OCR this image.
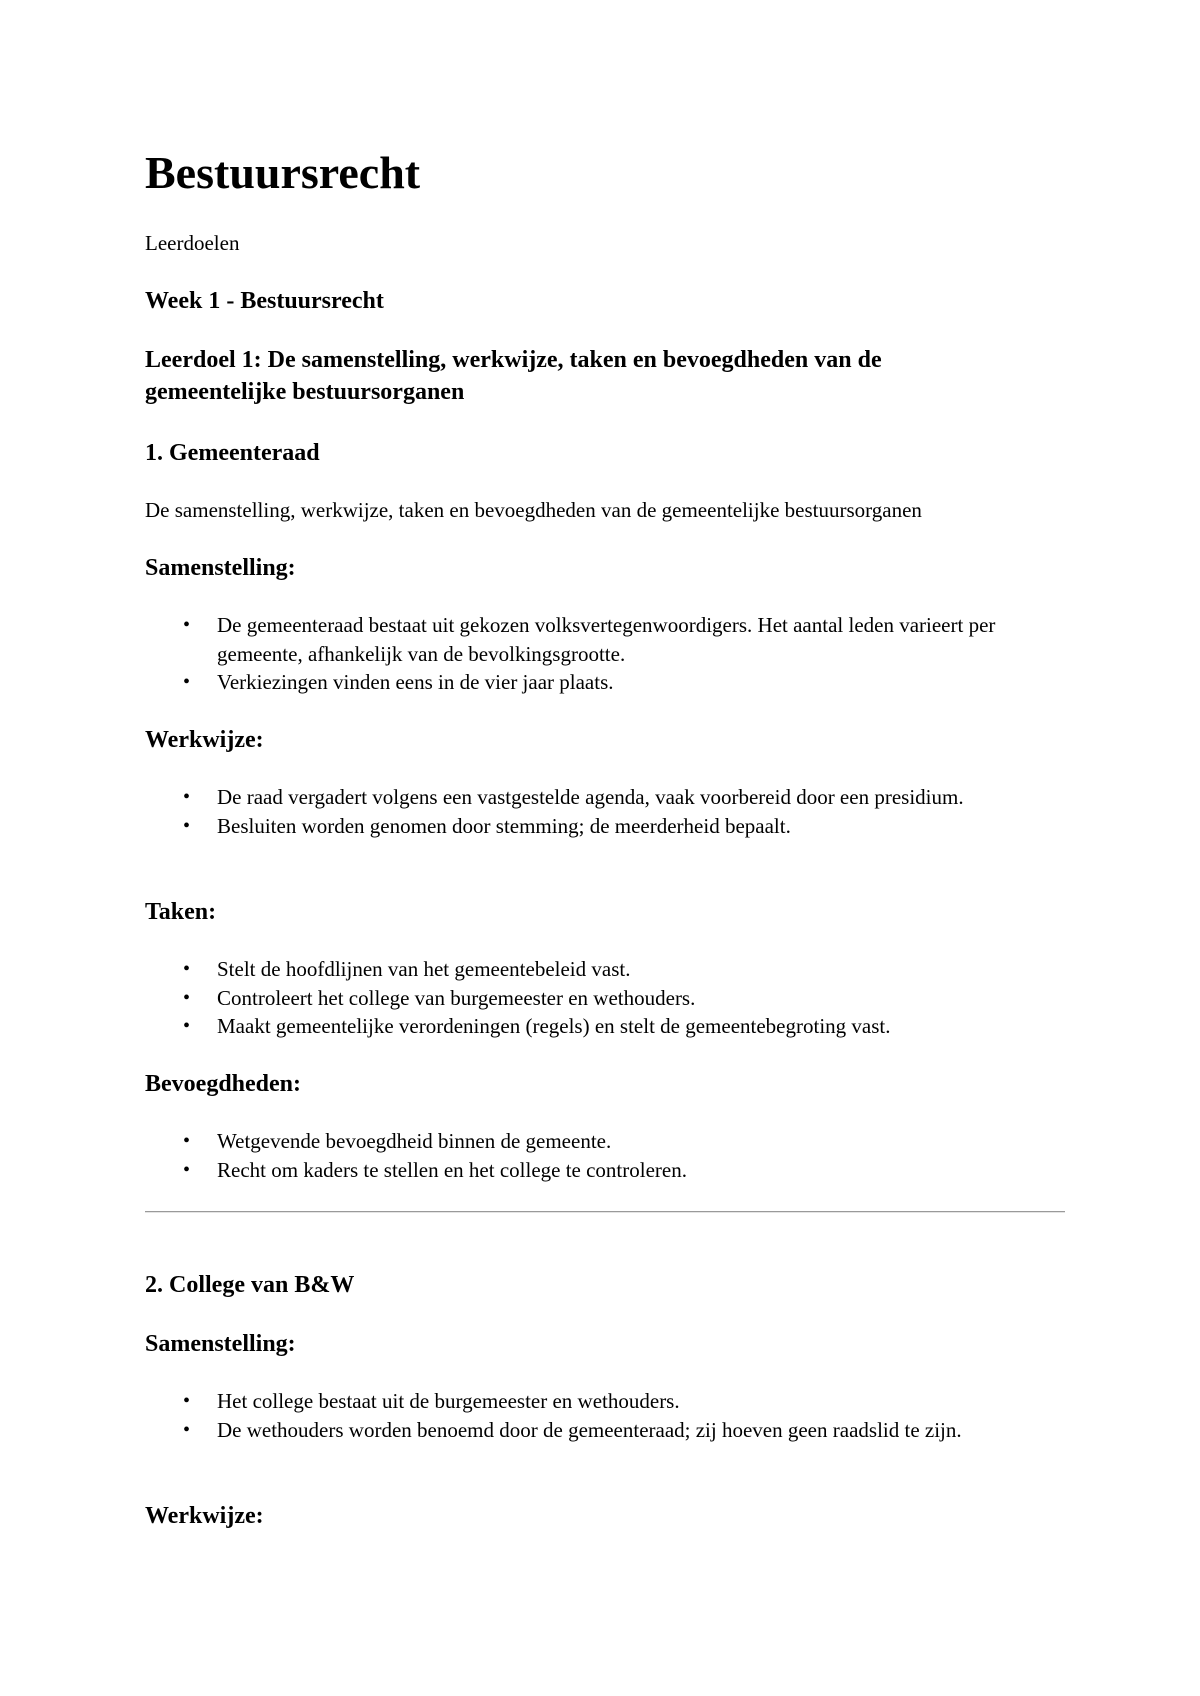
Bestuursrecht

Leerdoelen

Week 1 - Bestuursrecht
Leerdoel 1: De samenstelling, werkwijze, taken en bevoegdheden van de gemeentelijke bestuursorganen
1. Gemeenteraad

De samenstelling, werkwijze, taken en bevoegdheden van de gemeentelijke bestuursorganen

Samenstelling:
• De gemeenteraad bestaat uit gekozen volksvertegenwoordigers. Het aantal leden varieert per gemeente, afhankelijk van de bevolkingsgrootte.
• Verkiezingen vinden eens in de vier jaar plaats.
Werkwijze:
• De raad vergadert volgens een vastgestelde agenda, vaak voorbereid door een presidium.
• Besluiten worden genomen door stemming; de meerderheid bepaalt.
Taken:
• Stelt de hoofdlijnen van het gemeentebeleid vast.
• Controleert het college van burgemeester en wethouders.
• Maakt gemeentelijke verordeningen (regels) en stelt de gemeentebegroting vast.
Bevoegdheden:
• Wetgevende bevoegdheid binnen de gemeente.
• Recht om kaders te stellen en het college te controleren.
2. College van B&W
Samenstelling:
• Het college bestaat uit de burgemeester en wethouders.
• De wethouders worden benoemd door de gemeenteraad; zij hoeven geen raadslid te zijn.
Werkwijze:
